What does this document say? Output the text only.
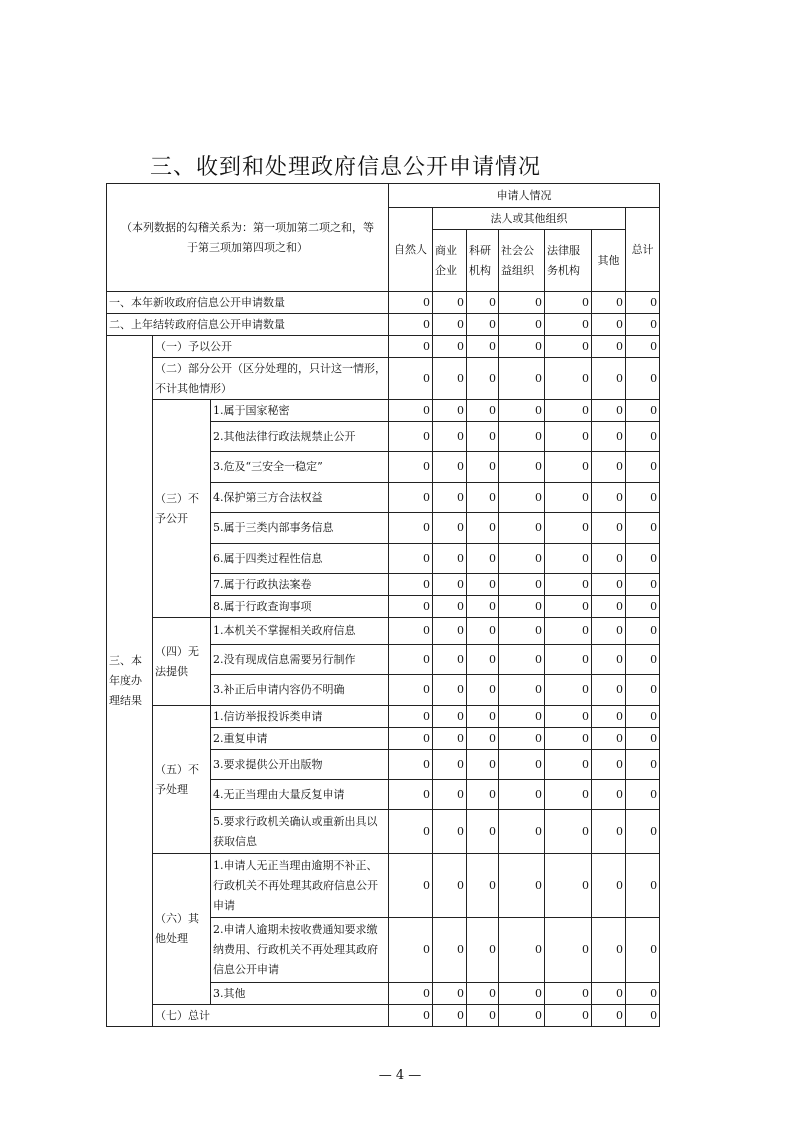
三、收到和处理政府信息公开申请情况
（本列数据的勾稽关系为：第一项加第二项之和，等于第三项加第四项之和）			申请人情况						
			自然人	法人或其他组织					总计
				商业企业	科研机构	社会公益组织	法律服务机构	其他	
一、本年新收政府信息公开申请数量			0	0	0	0	0	0	0
二、上年结转政府信息公开申请数量			0	0	0	0	0	0	0
三、本年度办理结果	（一）予以公开		0	0	0	0	0	0	0
	（二）部分公开（区分处理的，只计这一情形，不计其他情形）		0	0	0	0	0	0	0
	（三）不予公开	1.属于国家秘密	0	0	0	0	0	0	0
		2.其他法律行政法规禁止公开	0	0	0	0	0	0	0
		3.危及“三安全一稳定”	0	0	0	0	0	0	0
		4.保护第三方合法权益	0	0	0	0	0	0	0
		5.属于三类内部事务信息	0	0	0	0	0	0	0
		6.属于四类过程性信息	0	0	0	0	0	0	0
		7.属于行政执法案卷	0	0	0	0	0	0	0
		8.属于行政查询事项	0	0	0	0	0	0	0
	（四）无法提供	1.本机关不掌握相关政府信息	0	0	0	0	0	0	0
		2.没有现成信息需要另行制作	0	0	0	0	0	0	0
		3.补正后申请内容仍不明确	0	0	0	0	0	0	0
	（五）不予处理	1.信访举报投诉类申请	0	0	0	0	0	0	0
		2.重复申请	0	0	0	0	0	0	0
		3.要求提供公开出版物	0	0	0	0	0	0	0
		4.无正当理由大量反复申请	0	0	0	0	0	0	0
		5.要求行政机关确认或重新出具以获取信息	0	0	0	0	0	0	0
	（六）其他处理	1.申请人无正当理由逾期不补正、行政机关不再处理其政府信息公开申请	0	0	0	0	0	0	0
		2.申请人逾期未按收费通知要求缴纳费用、行政机关不再处理其政府信息公开申请	0	0	0	0	0	0	0
		3.其他	0	0	0	0	0	0	0
	（七）总计		0	0	0	0	0	0	0
— 4 —
